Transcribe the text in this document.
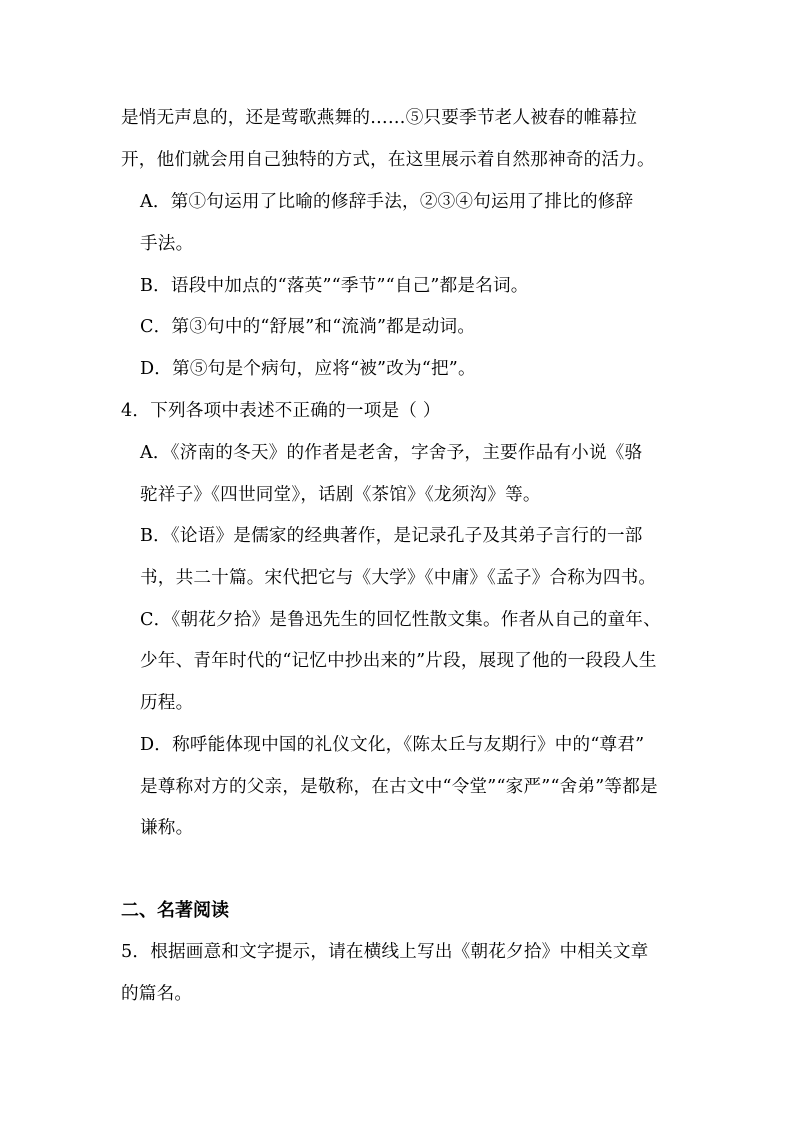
是悄无声息的，还是莺歌燕舞的……⑤只要季节老人被春的帷幕拉
开，他们就会用自己独特的方式，在这里展示着自然那神奇的活力。
A．第①句运用了比喻的修辞手法，②③④句运用了排比的修辞
手法。
B．语段中加点的“落英”“季节”“自己”都是名词。
C．第③句中的“舒展”和“流淌”都是动词。
D．第⑤句是个病句，应将“被”改为“把”。
4．下列各项中表述不正确的一项是（ ）
A．《济南的冬天》的作者是老舍，字舍予，主要作品有小说《骆
驼祥子》《四世同堂》，话剧《茶馆》《龙须沟》等。
B．《论语》是儒家的经典著作，是记录孔子及其弟子言行的一部
书，共二十篇。宋代把它与《大学》《中庸》《孟子》合称为四书。
C．《朝花夕拾》是鲁迅先生的回忆性散文集。作者从自己的童年、
少年、青年时代的“记忆中抄出来的”片段，展现了他的一段段人生
历程。
D．称呼能体现中国的礼仪文化，《陈太丘与友期行》中的“尊君”
是尊称对方的父亲，是敬称，在古文中“令堂”“家严”“舍弟”等都是
谦称。
二、名著阅读
5．根据画意和文字提示，请在横线上写出《朝花夕拾》中相关文章
的篇名。
